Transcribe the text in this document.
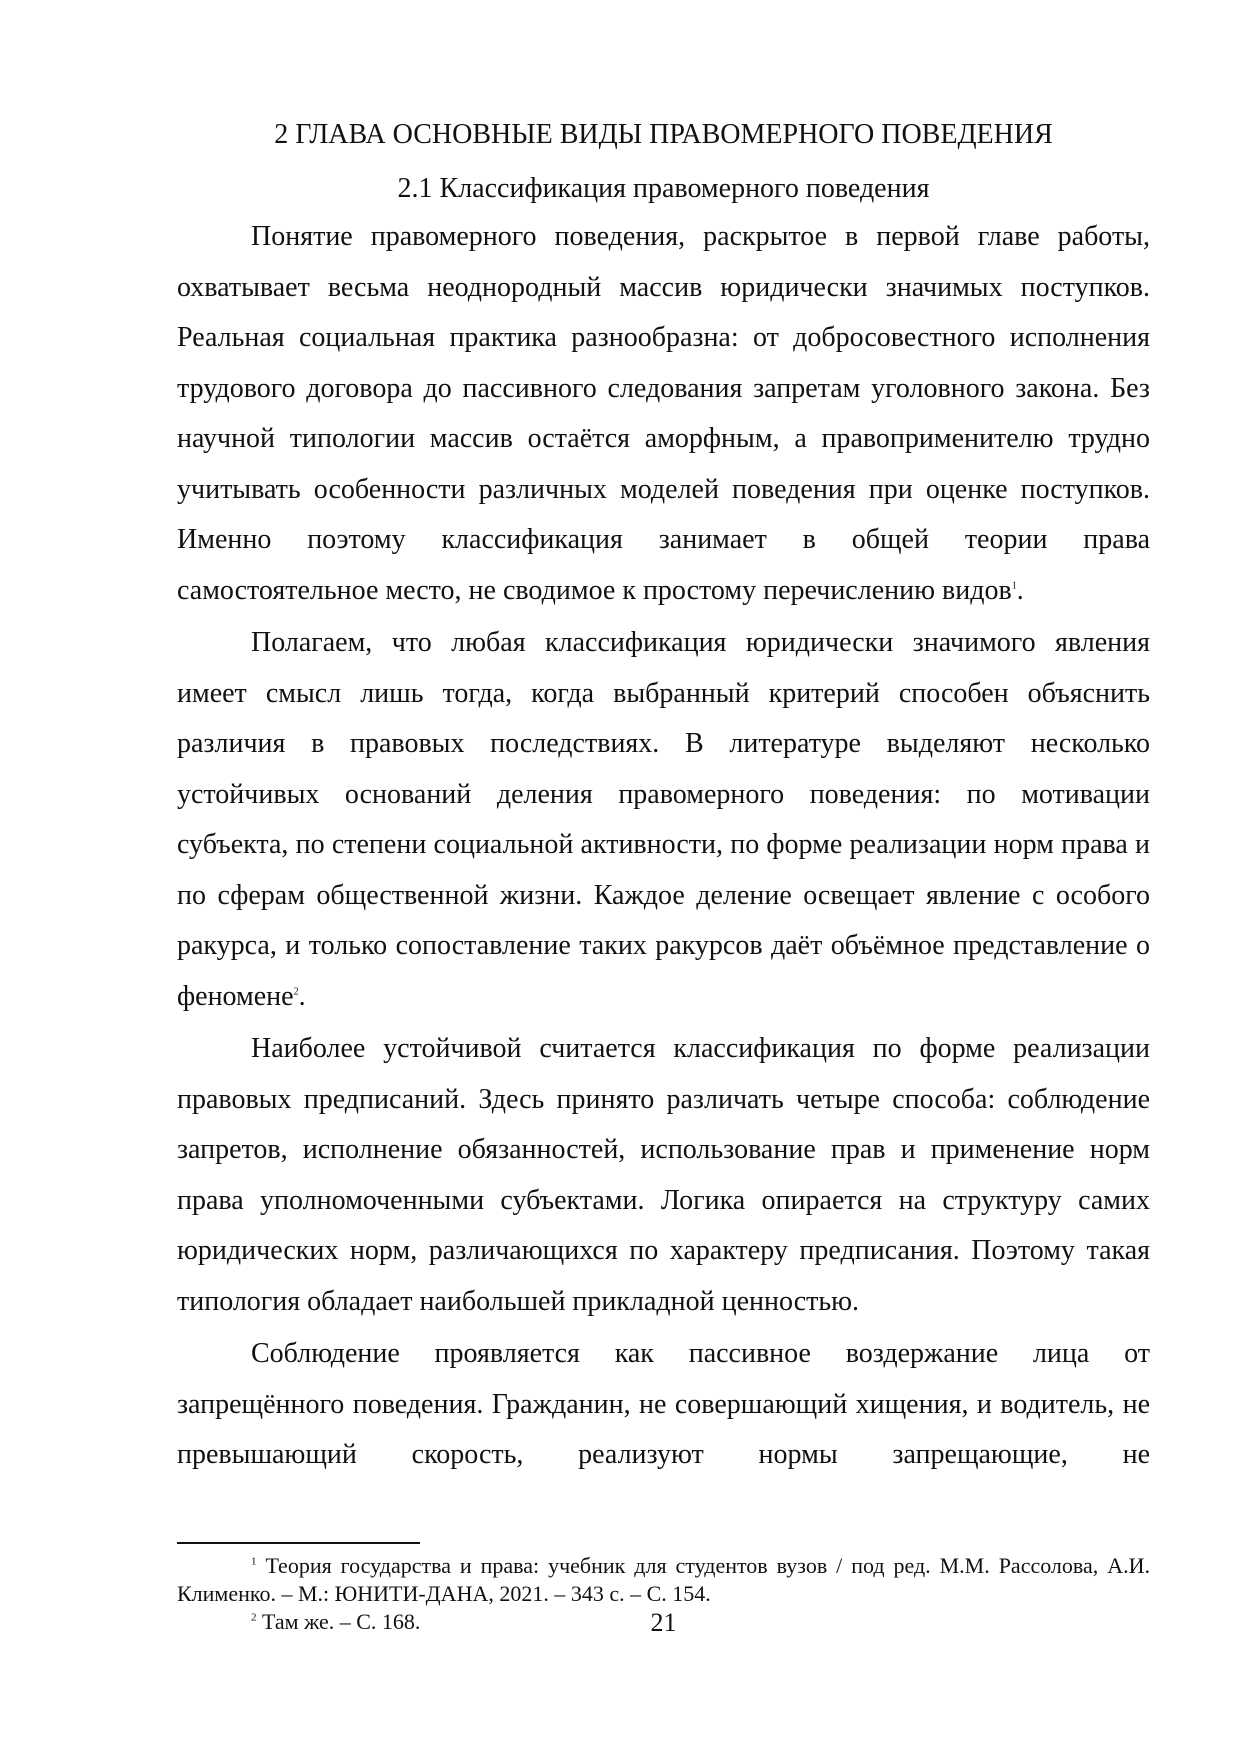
2 ГЛАВА ОСНОВНЫЕ ВИДЫ ПРАВОМЕРНОГО ПОВЕДЕНИЯ
2.1 Классификация правомерного поведения

Понятие правомерного поведения, раскрытое в первой главе работы, охватывает весьма неоднородный массив юридически значимых поступков. Реальная социальная практика разнообразна: от добросовестного исполнения трудового договора до пассивного следования запретам уголовного закона. Без научной типологии массив остаётся аморфным, а правоприменителю трудно учитывать особенности различных моделей поведения при оценке поступков. Именно поэтому классификация занимает в общей теории права самостоятельное место, не сводимое к простому перечислению видов$^1$.

Полагаем, что любая классификация юридически значимого явления имеет смысл лишь тогда, когда выбранный критерий способен объяснить различия в правовых последствиях. В литературе выделяют несколько устойчивых оснований деления правомерного поведения: по мотивации субъекта, по степени социальной активности, по форме реализации норм права и по сферам общественной жизни. Каждое деление освещает явление с особого ракурса, и только сопоставление таких ракурсов даёт объёмное представление о феномене$^2$.

Наиболее устойчивой считается классификация по форме реализации правовых предписаний. Здесь принято различать четыре способа: соблюдение запретов, исполнение обязанностей, использование прав и применение норм права уполномоченными субъектами. Логика опирается на структуру самих юридических норм, различающихся по характеру предписания. Поэтому такая типология обладает наибольшей прикладной ценностью.

Соблюдение проявляется как пассивное воздержание лица от запрещённого поведения. Гражданин, не совершающий хищения, и водитель, не превышающий скорость, реализуют нормы запрещающие, не

$^1$ Теория государства и права: учебник для студентов вузов / под ред. М.М. Рассолова, А.И. Клименко. – М.: ЮНИТИ-ДАНА, 2021. – 343 с. – С. 154.

$^2$ Там же. – С. 168.	21
